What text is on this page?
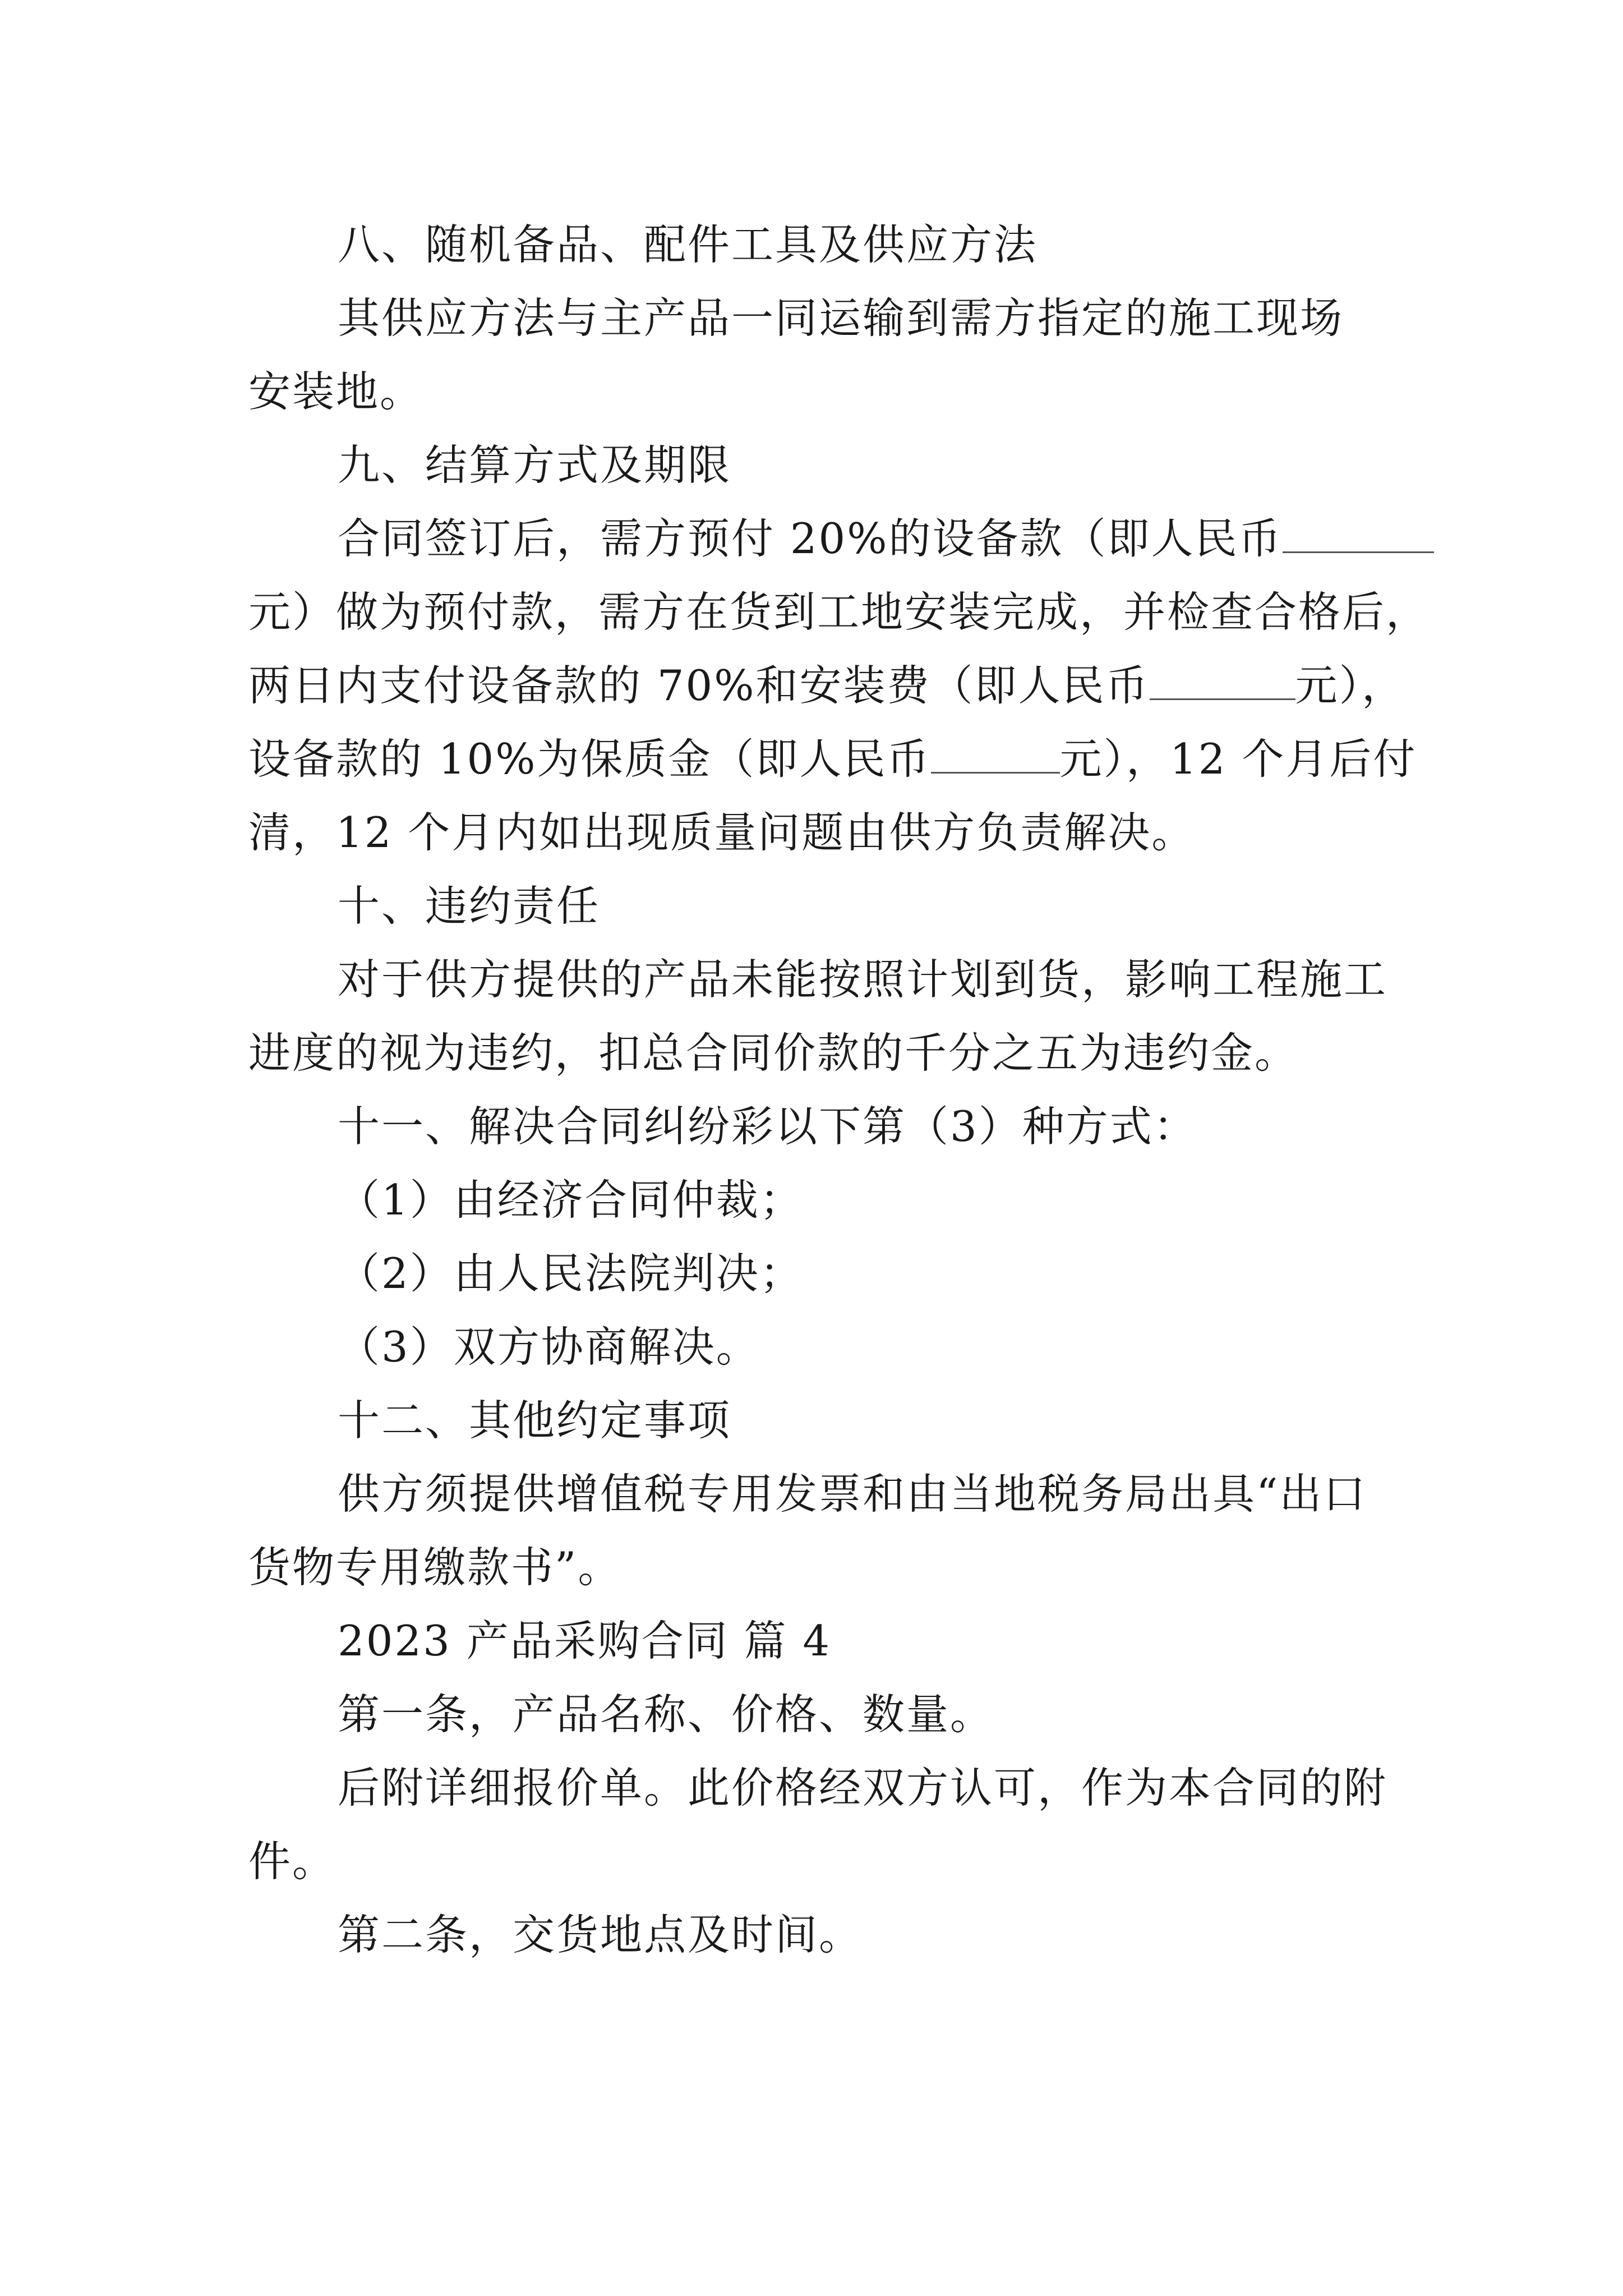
八、随机备品、配件工具及供应方法
其供应方法与主产品一同运输到需方指定的施工现场
安装地。
九、结算方式及期限
合同签订后，需方预付 20%的设备款（即人民币
元）做为预付款，需方在货到工地安装完成，并检查合格后，
两日内支付设备款的 70%和安装费（即人民币	元），
设备款的 10%为保质金（即人民币	元），12 个月后付
清，12 个月内如出现质量问题由供方负责解决。
十、违约责任
对于供方提供的产品未能按照计划到货，影响工程施工
进度的视为违约，扣总合同价款的千分之五为违约金。
十一、解决合同纠纷彩以下第（3）种方式：
（1）由经济合同仲裁；
（2）由人民法院判决；
（3）双方协商解决。
十二、其他约定事项
供方须提供增值税专用发票和由当地税务局出具“出口
货物专用缴款书”。
2023 产品采购合同 篇 4
第一条，产品名称、价格、数量。
后附详细报价单。此价格经双方认可，作为本合同的附
件。
第二条，交货地点及时间。
